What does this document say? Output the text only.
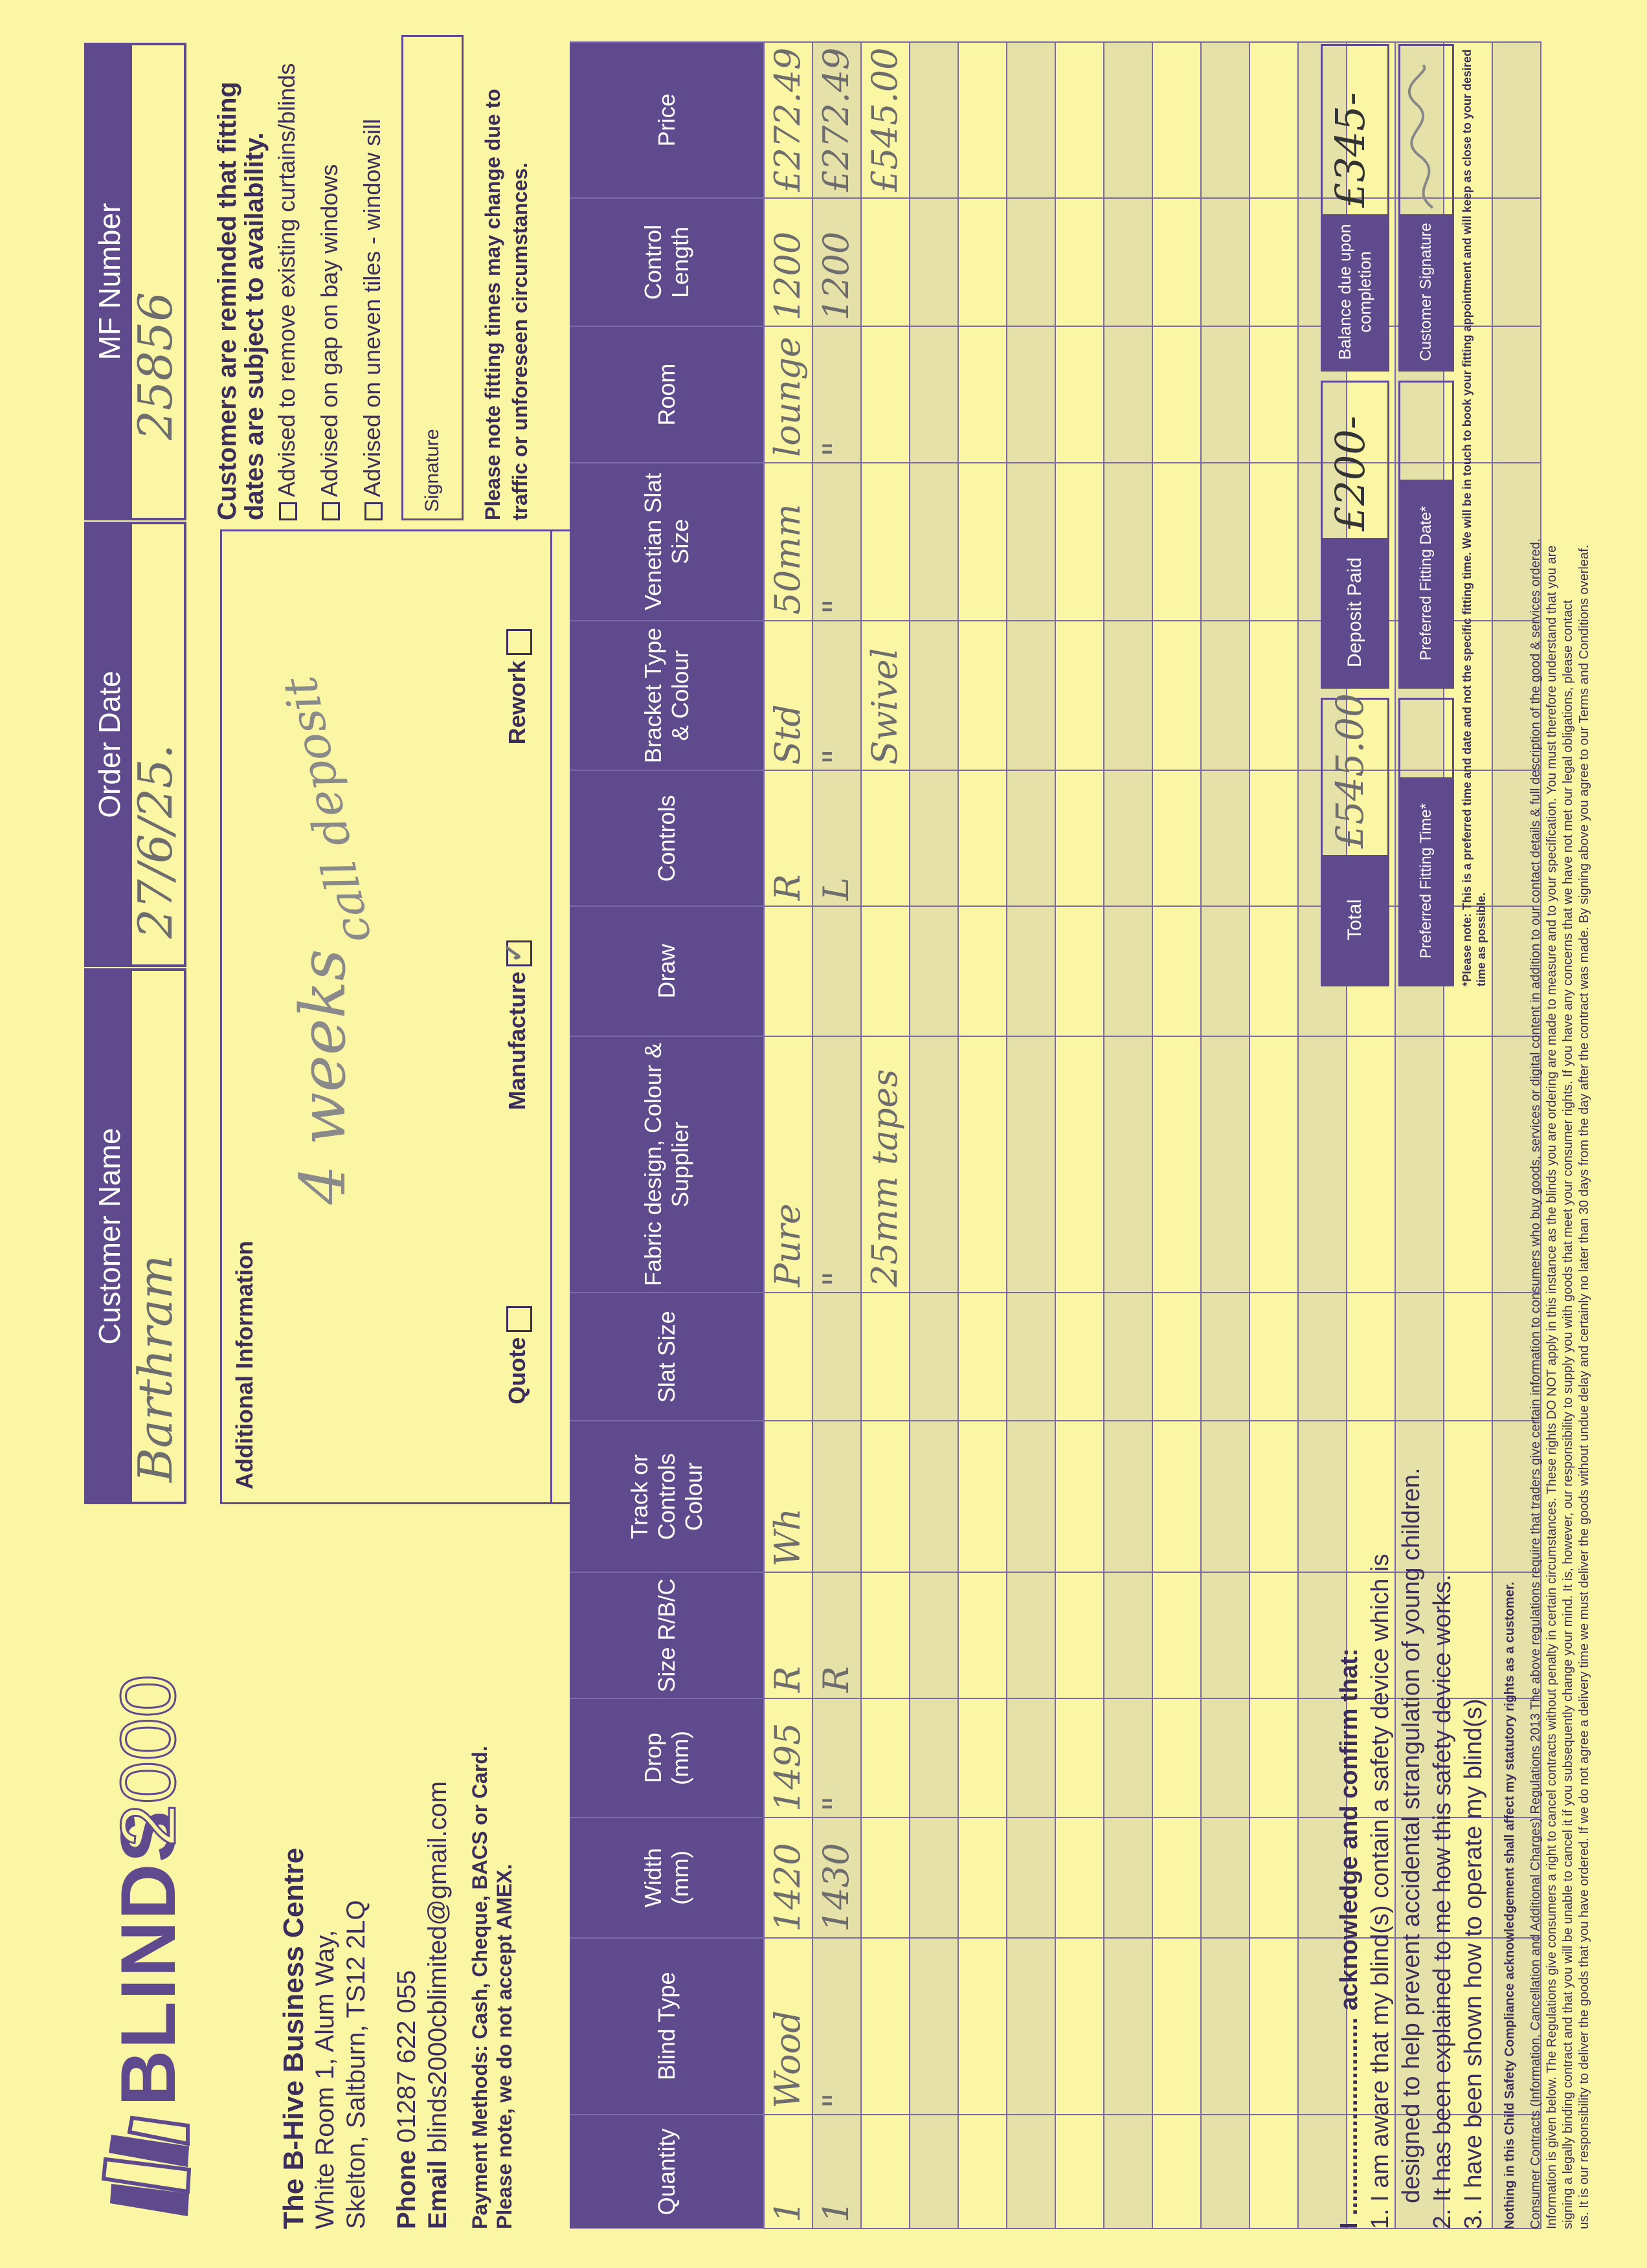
BLINDS
2000
The B-Hive Business Centre White Room 1, Alum Way, Skelton, Saltburn, TS12 2LQ Phone 01287 622 055
Email blinds2000cblimited@gmail.com Payment Methods: Cash, Cheque, BACS or Card. Please note, we do not accept AMEX.
Customer Name
Barthram
Order Date 27/6/25.
MF Number
25856
Additional Information
4 weeks
call deposit
Quote
Manufacture
✓
Rework
Customers are reminded that fitting
dates are subject to availability. Advised to remove existing curtains/blinds Advised on gap on bay windows Advised on uneven tiles - window sill Signature Please note fitting times may change due to traffic or unforeseen circumstances.
Quantity	Blind Type	Width (mm)	Drop (mm)	Size R/B/C	Track or Controls Colour	Slat Size	Fabric design, Colour & Supplier	Draw	Controls	Bracket Type & Colour	Venetian Slat Size	Room	Control Length	Price

1	Wood	1420	1495	R	Wh		Pure		R	Std	50mm	lounge	1200	£272.49

1	"	1430	"	R			"		L	"	"	"	1200	£272.49

							25mm tapes			Swivel				£545.00

I ............................. acknowledge and confirm that: 1. I am aware that my blind(s) contain a safety device which is designed to help prevent accidental strangulation of young children. 2. It has been explained to me how this safety device works. 3. I have been shown how to operate my blind(s)
Total
£545.00
Deposit Paid
£200-
Balance due upon completion
£345-
Preferred Fitting Time*
Preferred Fitting Date*
Customer Signature	*Please note: This is a preferred time and date and not the specific fitting time. We will be in touch to book your fitting appointment and will keep as close to your desired time as possible.
Nothing in this Child Safety Compliance acknowledgement shall affect my statutory rights as a customer. Consumer Contracts (Information, Cancellation and Additional Charges) Regulations 2013 The above regulations require that traders give certain information to consumers who buy goods, services or digital content in addition to our contact details & full description of the good & services ordered. Information is given below. The Regulations give consumers a right to cancel contracts without penalty in certain circumstances. These rights DO NOT apply in this instance as the blinds you are ordering are made to measure and to your specification. You must therefore understand that you are signing a legally binding contract and that you will be unable to cancel it if you subsequently change your mind. It is, however, our responsibility to supply you with goods that meet your consumer rights. If you have any concerns that we have not met our legal obligations, please contact us. It is our responsibility to deliver the goods that you have ordered. If we do not agree a delivery time we must deliver the goods without undue delay and certainly no later than 30 days from the day after the contract was made. By signing above you agree to our Terms and Conditions overleaf.
